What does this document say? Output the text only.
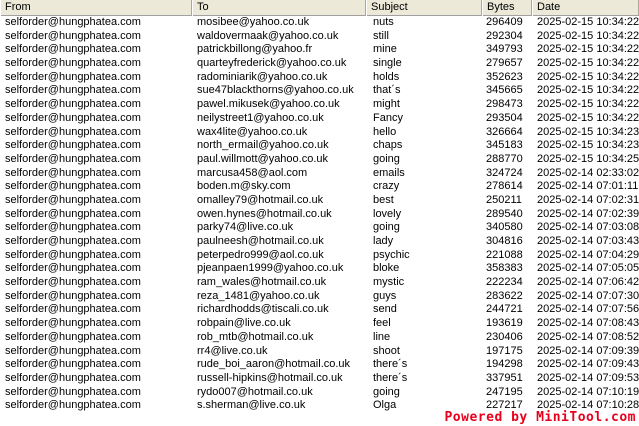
From	To	Subject	Bytes	Date
selforder@hungphatea.com	mosibee@yahoo.co.uk	nuts	296409	2025-02-15 10:34:22
selforder@hungphatea.com	waldovermaak@yahoo.co.uk	still	292304	2025-02-15 10:34:22
selforder@hungphatea.com	patrickbillong@yahoo.fr	mine	349793	2025-02-15 10:34:22
selforder@hungphatea.com	quarteyfrederick@yahoo.co.uk	single	279657	2025-02-15 10:34:22
selforder@hungphatea.com	radominiarik@yahoo.co.uk	holds	352623	2025-02-15 10:34:22
selforder@hungphatea.com	sue47blackthorns@yahoo.co.uk	that´s	345665	2025-02-15 10:34:22
selforder@hungphatea.com	pawel.mikusek@yahoo.co.uk	might	298473	2025-02-15 10:34:22
selforder@hungphatea.com	neilystreet1@yahoo.co.uk	Fancy	293504	2025-02-15 10:34:22
selforder@hungphatea.com	wax4lite@yahoo.co.uk	hello	326664	2025-02-15 10:34:23
selforder@hungphatea.com	north_ermail@yahoo.co.uk	chaps	345183	2025-02-15 10:34:23
selforder@hungphatea.com	paul.willmott@yahoo.co.uk	going	288770	2025-02-15 10:34:25
selforder@hungphatea.com	marcusa458@aol.com	emails	324724	2025-02-14 02:33:02
selforder@hungphatea.com	boden.m@sky.com	crazy	278614	2025-02-14 07:01:11
selforder@hungphatea.com	omalley79@hotmail.co.uk	best	250211	2025-02-14 07:02:31
selforder@hungphatea.com	owen.hynes@hotmail.co.uk	lovely	289540	2025-02-14 07:02:39
selforder@hungphatea.com	parky74@live.co.uk	going	340580	2025-02-14 07:03:08
selforder@hungphatea.com	paulneesh@hotmail.co.uk	lady	304816	2025-02-14 07:03:43
selforder@hungphatea.com	peterpedro999@aol.co.uk	psychic	221088	2025-02-14 07:04:29
selforder@hungphatea.com	pjeanpaen1999@yahoo.co.uk	bloke	358383	2025-02-14 07:05:05
selforder@hungphatea.com	ram_wales@hotmail.co.uk	mystic	222234	2025-02-14 07:06:42
selforder@hungphatea.com	reza_1481@yahoo.co.uk	guys	283622	2025-02-14 07:07:30
selforder@hungphatea.com	richardhodds@tiscali.co.uk	send	244721	2025-02-14 07:07:56
selforder@hungphatea.com	robpain@live.co.uk	feel	193619	2025-02-14 07:08:43
selforder@hungphatea.com	rob_mtb@hotmail.co.uk	line	230406	2025-02-14 07:08:52
selforder@hungphatea.com	rr4@live.co.uk	shoot	197175	2025-02-14 07:09:39
selforder@hungphatea.com	rude_boi_aaron@hotmail.co.uk	there´s	194298	2025-02-14 07:09:43
selforder@hungphatea.com	russell-hipkins@hotmail.co.uk	there´s	337951	2025-02-14 07:09:53
selforder@hungphatea.com	rydo007@hotmail.co.uk	going	247195	2025-02-14 07:10:19
selforder@hungphatea.com	s.sherman@live.co.uk	Olga	227217	2025-02-14 07:10:28
Powered by MiniTool.com
